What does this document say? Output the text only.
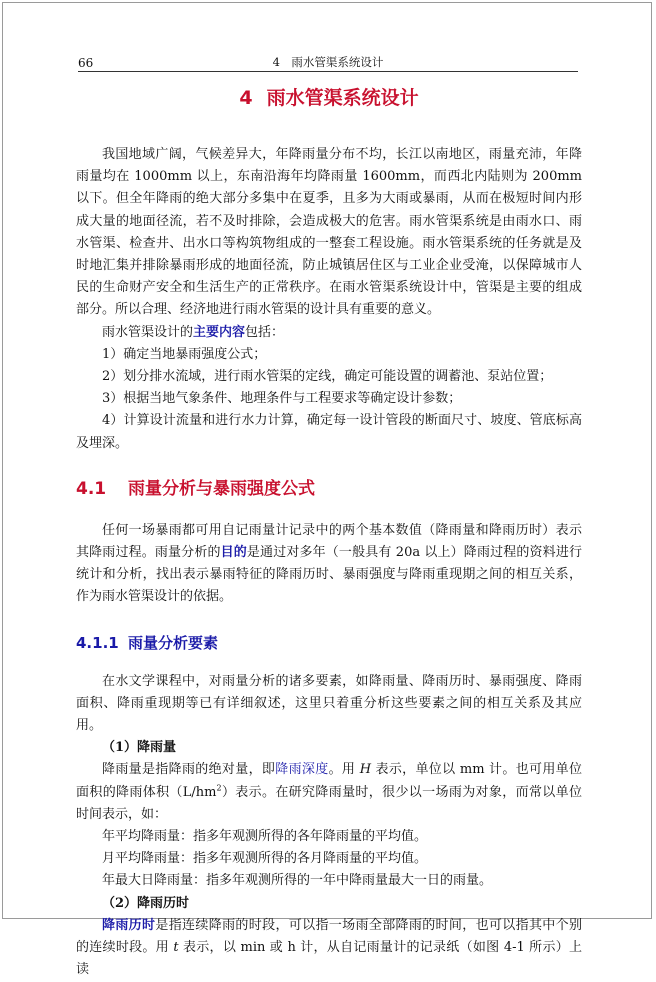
66	4　雨水管渠系统设计
4 雨水管渠系统设计

我国地域广阔，气候差异大，年降雨量分布不均，长江以南地区，雨量充沛，年降雨量均在 1000mm 以上，东南沿海年均降雨量 1600mm，而西北内陆则为 200mm 以下。但全年降雨的绝大部分多集中在夏季，且多为大雨或暴雨，从而在极短时间内形成大量的地面径流，若不及时排除，会造成极大的危害。雨水管渠系统是由雨水口、雨水管渠、检查井、出水口等构筑物组成的一整套工程设施。雨水管渠系统的任务就是及时地汇集并排除暴雨形成的地面径流，防止城镇居住区与工业企业受淹，以保障城市人民的生命财产安全和生活生产的正常秩序。在雨水管渠系统设计中，管渠是主要的组成部分。所以合理、经济地进行雨水管渠的设计具有重要的意义。

雨水管渠设计的主要内容包括：

1）确定当地暴雨强度公式；

2）划分排水流域，进行雨水管渠的定线，确定可能设置的调蓄池、泵站位置；

3）根据当地气象条件、地理条件与工程要求等确定设计参数；

4）计算设计流量和进行水力计算，确定每一设计管段的断面尺寸、坡度、管底标高及埋深。

4.1 雨量分析与暴雨强度公式

任何一场暴雨都可用自记雨量计记录中的两个基本数值（降雨量和降雨历时）表示其降雨过程。雨量分析的目的是通过对多年（一般具有 20a 以上）降雨过程的资料进行统计和分析，找出表示暴雨特征的降雨历时、暴雨强度与降雨重现期之间的相互关系，作为雨水管渠设计的依据。

4.1.1 雨量分析要素

在水文学课程中，对雨量分析的诸多要素，如降雨量、降雨历时、暴雨强度、降雨面积、降雨重现期等已有详细叙述，这里只着重分析这些要素之间的相互关系及其应用。

（1）降雨量

降雨量是指降雨的绝对量，即降雨深度。用 H 表示，单位以 mm 计。也可用单位面积的降雨体积$(L/hm^2)$表示。在研究降雨量时，很少以一场雨为对象，而常以单位时间表示，如：

年平均降雨量：指多年观测所得的各年降雨量的平均值。

月平均降雨量：指多年观测所得的各月降雨量的平均值。

年最大日降雨量：指多年观测所得的一年中降雨量最大一日的雨量。

（2）降雨历时

降雨历时是指连续降雨的时段，可以指一场雨全部降雨的时间，也可以指其中个别的连续时段。用 t 表示，以 min 或 h 计，从自记雨量计的记录纸（如图 4-1 所示）上读
